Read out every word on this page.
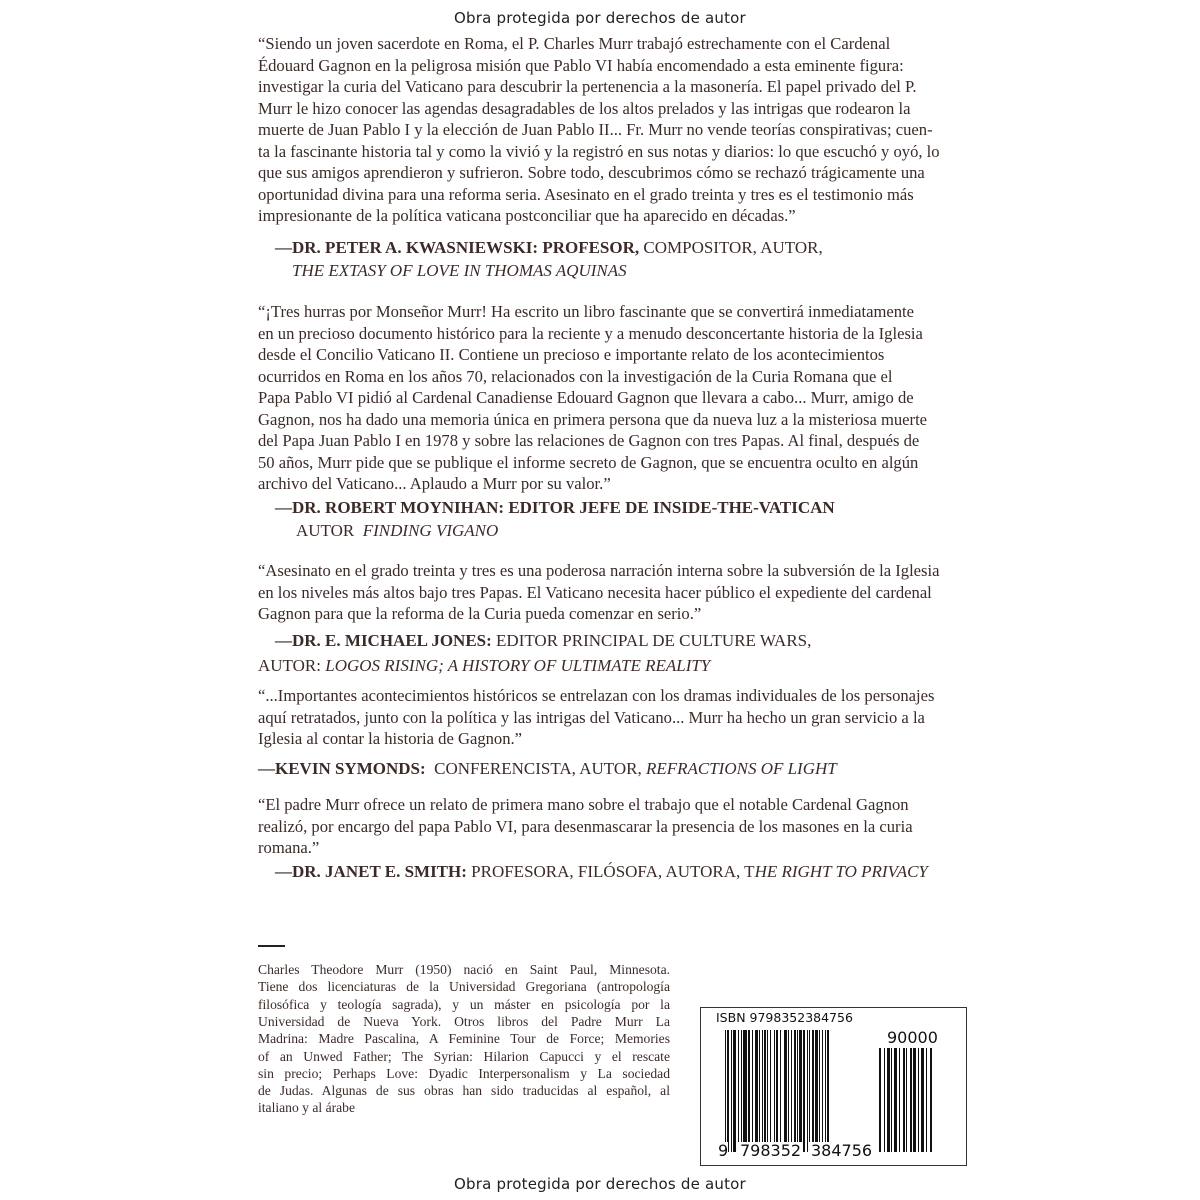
Obra protegida por derechos de autor
Obra protegida por derechos de autor
“Siendo un joven sacerdote en Roma, el P. Charles Murr trabajó estrechamente con el Cardenal
Édouard Gagnon en la peligrosa misión que Pablo VI había encomendado a esta eminente figura:
investigar la curia del Vaticano para descubrir la pertenencia a la masonería. El papel privado del P.
Murr le hizo conocer las agendas desagradables de los altos prelados y las intrigas que rodearon la
muerte de Juan Pablo I y la elección de Juan Pablo II... Fr. Murr no vende teorías conspirativas; cuen-
ta la fascinante historia tal y como la vivió y la registró en sus notas y diarios: lo que escuchó y oyó, lo
que sus amigos aprendieron y sufrieron. Sobre todo, descubrimos cómo se rechazó trágicamente una
oportunidad divina para una reforma seria. Asesinato en el grado treinta y tres es el testimonio más
impresionante de la política vaticana postconciliar que ha aparecido en décadas.”
—DR. PETER A. KWASNIEWSKI: PROFESOR, COMPOSITOR, AUTOR,
THE EXTASY OF LOVE IN THOMAS AQUINAS
“¡Tres hurras por Monseñor Murr! Ha escrito un libro fascinante que se convertirá inmediatamente
en un precioso documento histórico para la reciente y a menudo desconcertante historia de la Iglesia
desde el Concilio Vaticano II. Contiene un precioso e importante relato de los acontecimientos
ocurridos en Roma en los años 70, relacionados con la investigación de la Curia Romana que el
Papa Pablo VI pidió al Cardenal Canadiense Edouard Gagnon que llevara a cabo... Murr, amigo de
Gagnon, nos ha dado una memoria única en primera persona que da nueva luz a la misteriosa muerte
del Papa Juan Pablo I en 1978 y sobre las relaciones de Gagnon con tres Papas. Al final, después de
50 años, Murr pide que se publique el informe secreto de Gagnon, que se encuentra oculto en algún
archivo del Vaticano... Aplaudo a Murr por su valor.”
—DR. ROBERT MOYNIHAN: EDITOR JEFE DE INSIDE-THE-VATICAN
AUTOR  FINDING VIGANO
“Asesinato en el grado treinta y tres es una poderosa narración interna sobre la subversión de la Iglesia
en los niveles más altos bajo tres Papas. El Vaticano necesita hacer público el expediente del cardenal
Gagnon para que la reforma de la Curia pueda comenzar en serio.”
—DR. E. MICHAEL JONES: EDITOR PRINCIPAL DE CULTURE WARS,
AUTOR: LOGOS RISING; A HISTORY OF ULTIMATE REALITY
“...Importantes acontecimientos históricos se entrelazan con los dramas individuales de los personajes
aquí retratados, junto con la política y las intrigas del Vaticano... Murr ha hecho un gran servicio a la
Iglesia al contar la historia de Gagnon.”
—KEVIN SYMONDS:  CONFERENCISTA, AUTOR, REFRACTIONS OF LIGHT
“El padre Murr ofrece un relato de primera mano sobre el trabajo que el notable Cardenal Gagnon
realizó, por encargo del papa Pablo VI, para desenmascarar la presencia de los masones en la curia
romana.”
—DR. JANET E. SMITH: PROFESORA, FILÓSOFA, AUTORA, THE RIGHT TO PRIVACY
Charles Theodore Murr (1950) nació en Saint Paul, Minnesota.
Tiene dos licenciaturas de la Universidad Gregoriana (antropología
filosófica y teología sagrada), y un máster en psicología por la
Universidad de Nueva York. Otros libros del Padre Murr La
Madrina: Madre Pascalina, A Feminine Tour de Force; Memories
of an Unwed Father; The Syrian: Hilarion Capucci y el rescate
sin precio; Perhaps Love: Dyadic Interpersonalism y La sociedad
de Judas. Algunas de sus obras han sido traducidas al español, al
italiano y al árabe
ISBN 9798352384756
9 798352 384756
90000
